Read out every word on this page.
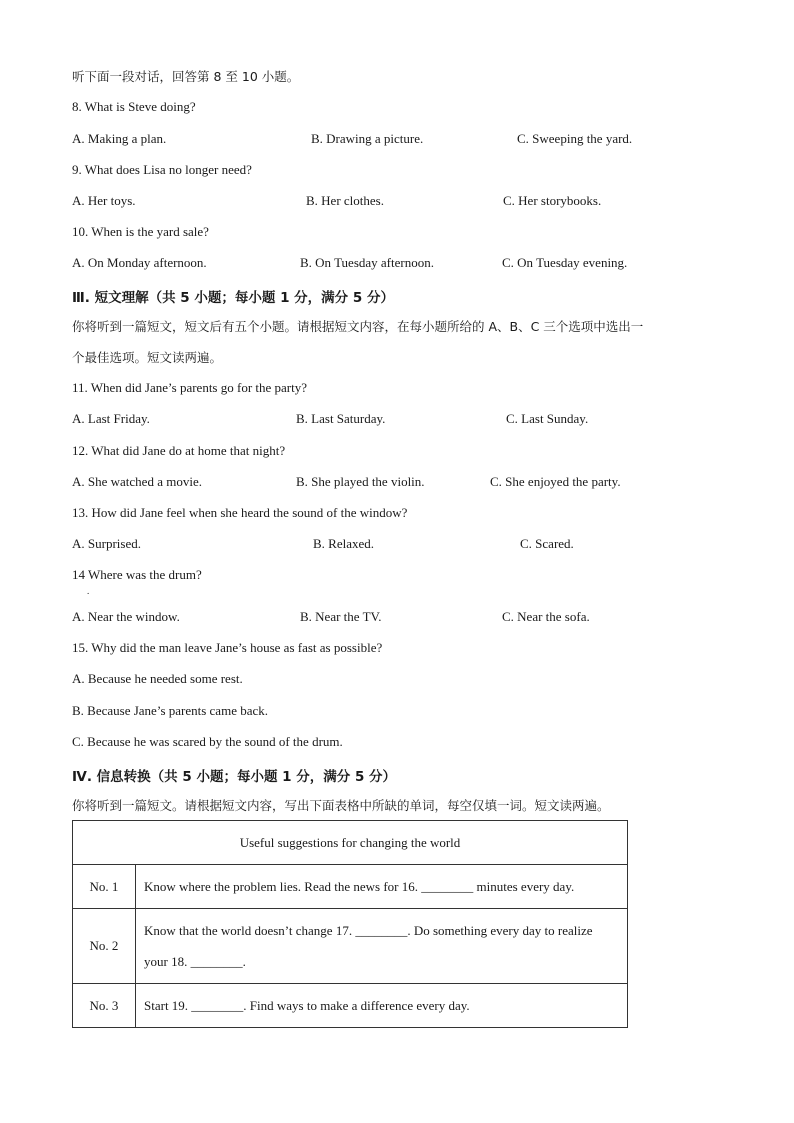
听下面一段对话，回答第 8 至 10 小题。
8. What is Steve doing?
A. Making a plan.	B. Drawing a picture.	C. Sweeping the yard.
9. What does Lisa no longer need?
A. Her toys.	B. Her clothes.	C. Her storybooks.
10. When is the yard sale?
A. On Monday afternoon.	B. On Tuesday afternoon.	C. On Tuesday evening.
Ⅲ. 短文理解（共 5 小题；每小题 1 分，满分 5 分）
你将听到一篇短文，短文后有五个小题。请根据短文内容，在每小题所给的 A、B、C 三个选项中选出一
个最佳选项。短文读两遍。
11. When did Jane’s parents go for the party?
A. Last Friday.	B. Last Saturday.	C. Last Sunday.
12. What did Jane do at home that night?
A. She watched a movie.	B. She played the violin.	C. She enjoyed the party.
13. How did Jane feel when she heard the sound of the window?
A. Surprised.	B. Relaxed.	C. Scared.
14 Where was the drum?
.
A. Near the window.	B. Near the TV.	C. Near the sofa.
15. Why did the man leave Jane’s house as fast as possible?
A. Because he needed some rest.
B. Because Jane’s parents came back.
C. Because he was scared by the sound of the drum.
Ⅳ. 信息转换（共 5 小题；每小题 1 分，满分 5 分）
你将听到一篇短文。请根据短文内容，写出下面表格中所缺的单词，每空仅填一词。短文读两遍。
Useful suggestions for changing the world	
No. 1	Know where the problem lies. Read the news for 16. ________ minutes every day.
No. 2	Know that the world doesn’t change 17. ________. Do something every day to realize
your 18. ________.

No. 3	Start 19. ________. Find ways to make a difference every day.
